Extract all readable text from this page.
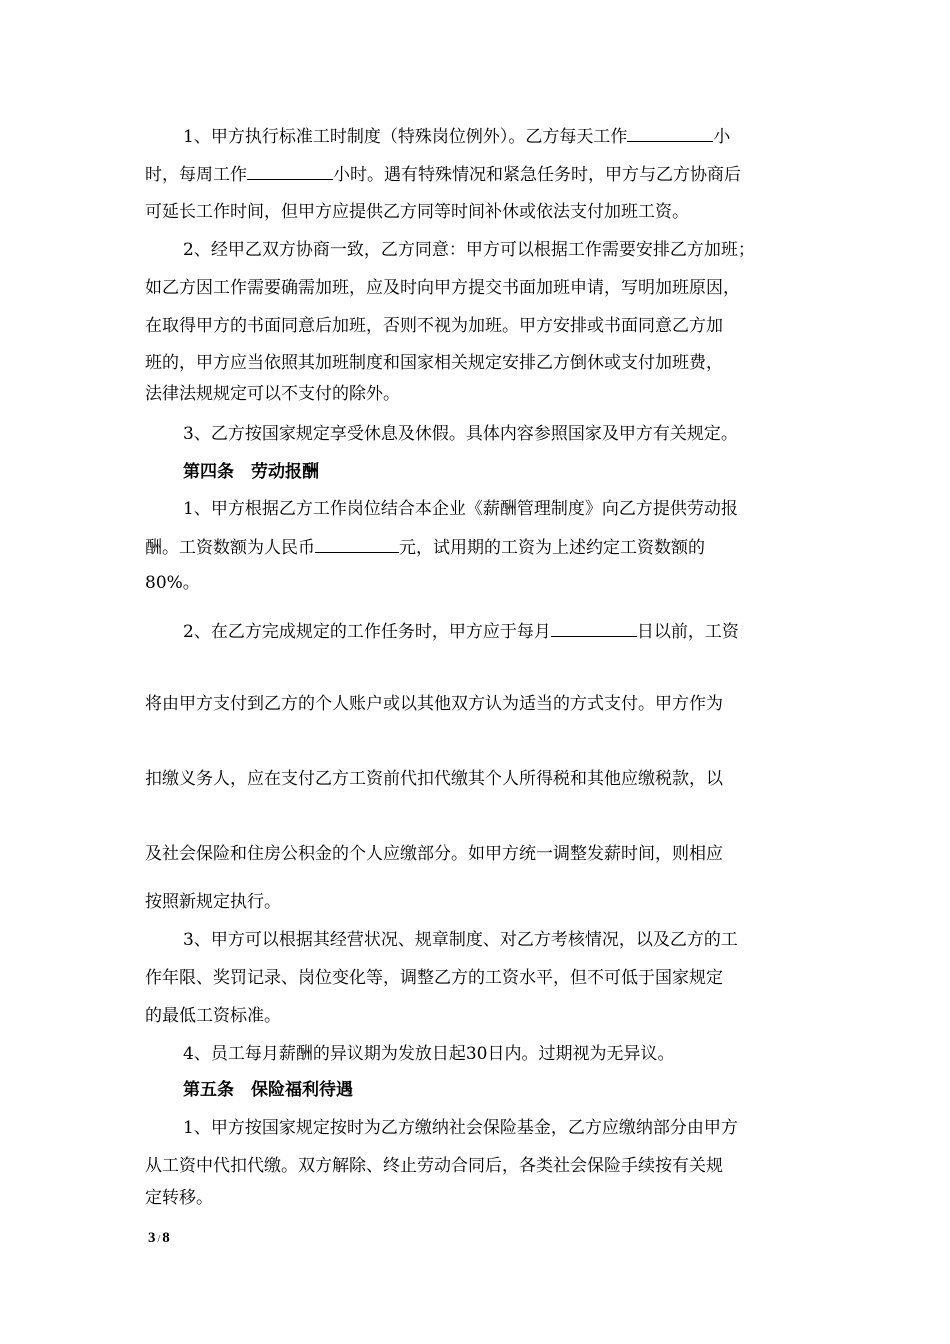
1、甲方执行标准工时制度（特殊岗位例外）。乙方每天工作	小
时，每周工作	小时。遇有特殊情况和紧急任务时，甲方与乙方协商后
可延长工作时间，但甲方应提供乙方同等时间补休或依法支付加班工资。
2、经甲乙双方协商一致，乙方同意：甲方可以根据工作需要安排乙方加班；
如乙方因工作需要确需加班，应及时向甲方提交书面加班申请，写明加班原因，
在取得甲方的书面同意后加班，否则不视为加班。甲方安排或书面同意乙方加
班的，甲方应当依照其加班制度和国家相关规定安排乙方倒休或支付加班费，
法律法规规定可以不支付的除外。
3、乙方按国家规定享受休息及休假。具体内容参照国家及甲方有关规定。
第四条　劳动报酬
1、甲方根据乙方工作岗位结合本企业《薪酬管理制度》向乙方提供劳动报
酬。工资数额为人民币	元，试用期的工资为上述约定工资数额的
80%。
2、在乙方完成规定的工作任务时，甲方应于每月	日以前，工资
将由甲方支付到乙方的个人账户或以其他双方认为适当的方式支付。甲方作为
扣缴义务人，应在支付乙方工资前代扣代缴其个人所得税和其他应缴税款，以
及社会保险和住房公积金的个人应缴部分。如甲方统一调整发薪时间，则相应
按照新规定执行。
3、甲方可以根据其经营状况、规章制度、对乙方考核情况，以及乙方的工
作年限、奖罚记录、岗位变化等，调整乙方的工资水平，但不可低于国家规定
的最低工资标准。
4、员工每月薪酬的异议期为发放日起30日内。过期视为无异议。
第五条　保险福利待遇
1、甲方按国家规定按时为乙方缴纳社会保险基金，乙方应缴纳部分由甲方
从工资中代扣代缴。双方解除、终止劳动合同后，各类社会保险手续按有关规
定转移。
3 / 8
